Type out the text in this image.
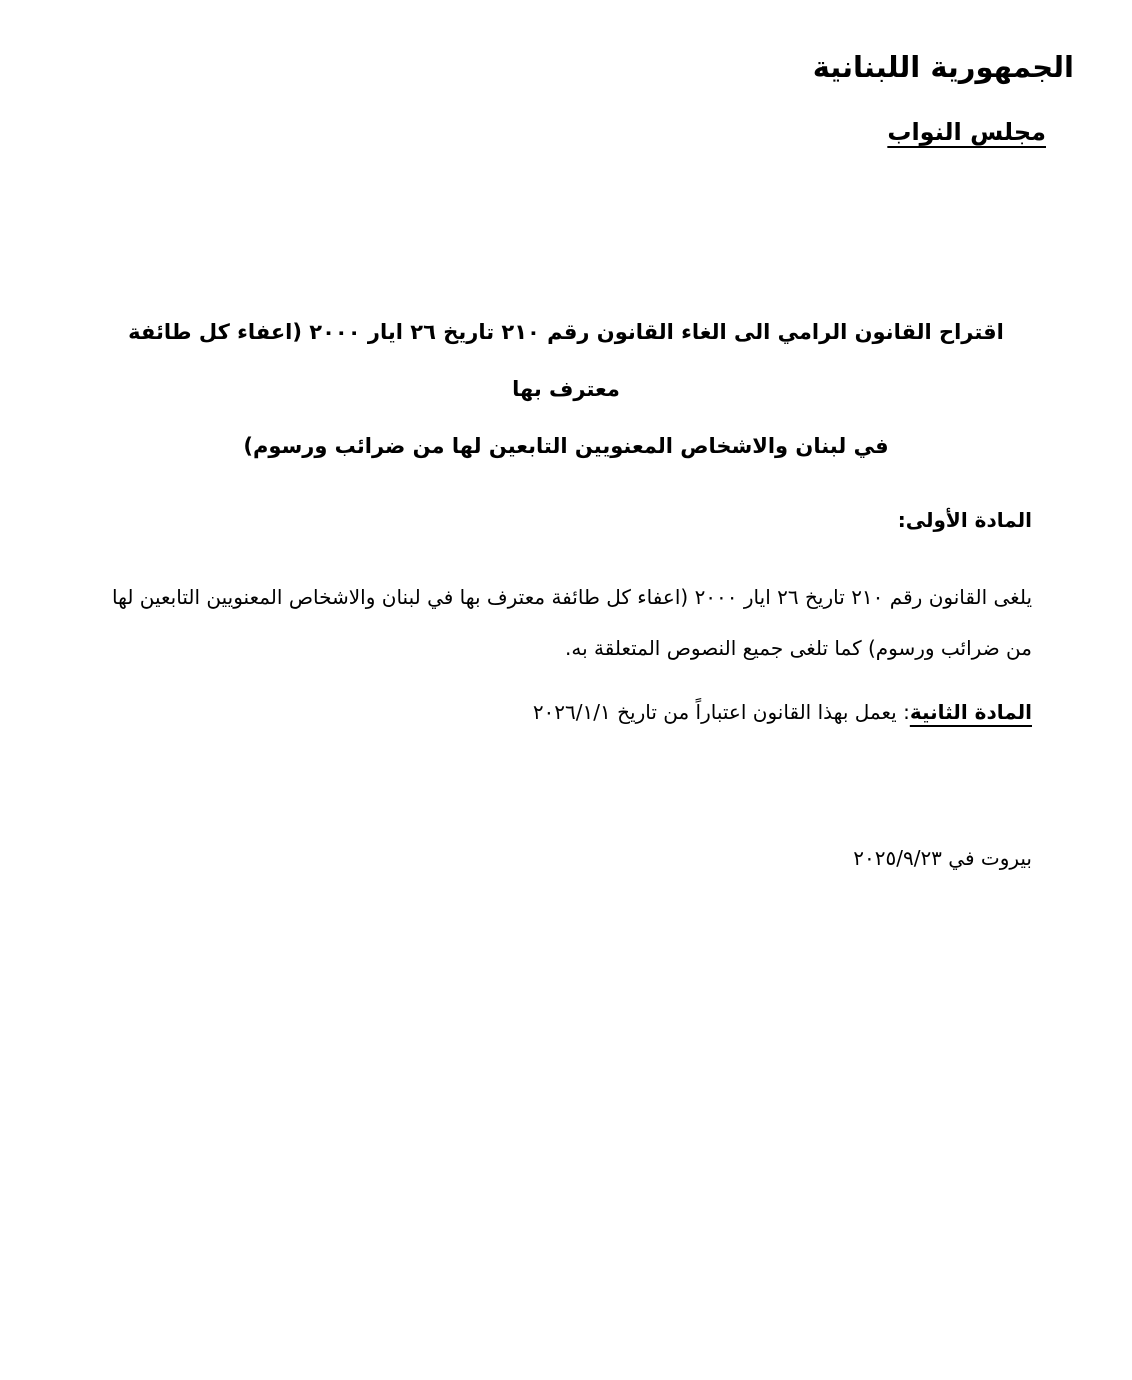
الجمهورية اللبنانية
مجلس النواب
اقتراح القانون الرامي الى الغاء القانون رقم ٢١٠ تاريخ ٢٦ ايار ٢٠٠٠ (اعفاء كل طائفة معترف بها
في لبنان والاشخاص المعنويين التابعين لها من ضرائب ورسوم)

المادة الأولى:

يلغى القانون رقم ٢١٠ تاريخ ٢٦ ايار ٢٠٠٠ (اعفاء كل طائفة معترف بها في لبنان والاشخاص المعنويين التابعين لها من ضرائب ورسوم) كما تلغى جميع النصوص المتعلقة به.

المادة الثانية: يعمل بهذا القانون اعتباراً من تاريخ ٢٠٢٦/١/١

بيروت في ٢٠٢٥/٩/٢٣
